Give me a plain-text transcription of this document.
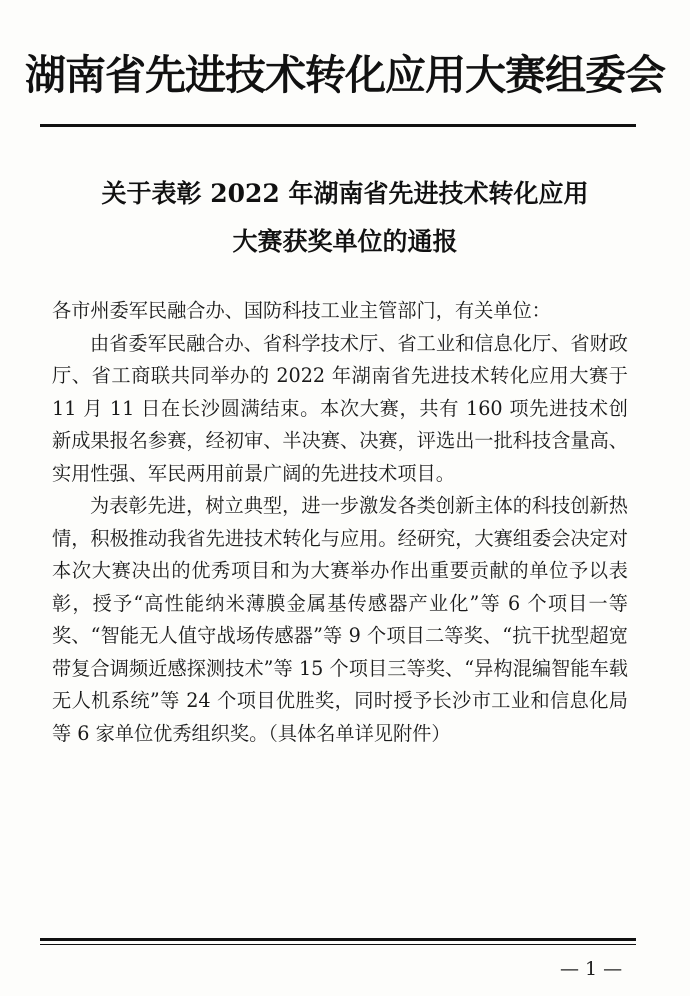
湖南省先进技术转化应用大赛组委会
关于表彰 2022 年湖南省先进技术转化应用
大赛获奖单位的通报

各市州委军民融合办、国防科技工业主管部门，有关单位：

由省委军民融合办、省科学技术厅、省工业和信息化厅、省财政厅、省工商联共同举办的 2022 年湖南省先进技术转化应用大赛于 11 月 11 日在长沙圆满结束。本次大赛，共有 160 项先进技术创新成果报名参赛，经初审、半决赛、决赛，评选出一批科技含量高、实用性强、军民两用前景广阔的先进技术项目。

为表彰先进，树立典型，进一步激发各类创新主体的科技创新热情，积极推动我省先进技术转化与应用。经研究，大赛组委会决定对本次大赛决出的优秀项目和为大赛举办作出重要贡献的单位予以表彰，授予“高性能纳米薄膜金属基传感器产业化”等 6 个项目一等奖、“智能无人值守战场传感器”等 9 个项目二等奖、“抗干扰型超宽带复合调频近感探测技术”等 15 个项目三等奖、“异构混编智能车载无人机系统”等 24 个项目优胜奖，同时授予长沙市工业和信息化局等 6 家单位优秀组织奖。（具体名单详见附件）

— 1 —
